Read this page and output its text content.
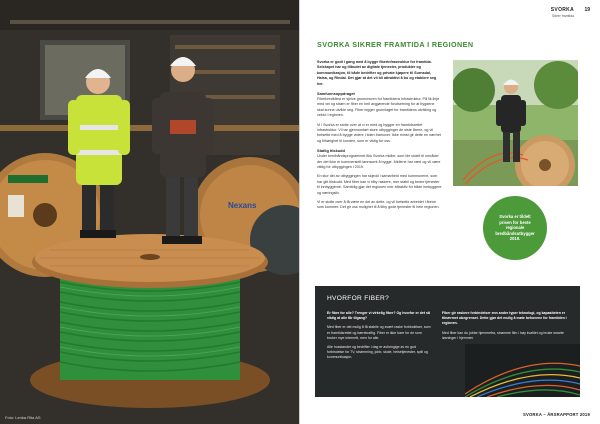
Nexans
Foto: Lenka Rita AS
SVORKA
Sikrer framtida
19
SVORKA SIKRER FRAMTIDA I REGIONEN

Svorka er godt i gang med å bygge fiberinfrastruktur for framtida. Selskapet har og tilbudet av digitale tjenester, produkter og kommunikasjon, til både bedrifter og private kjøpere til Surnadal, Halsa, og Rindal. Det gjør at det vil bli attraktivt å bo og etablere seg her.

Samfunnsoppdraget

Fiberbredbånd er sjelve grunnmuren for framtidens infrastruktur. På lik linje med vei og strøm er fiber en helt avgjørende forutsetning for at bygdene skal kunne utvikle seg. Fiber legger grunnlaget for framtidens utvikling og vekst i regionen.

Vi i Svorka er stolte over at vi er med og bygger en framtidsrettet infrastruktur. Vi har gjennomført store utbygginger de siste årene, og vil fortsette med å bygge videre i tiden framover. Ikke minst gir dette en nærhet og tilhørighet til kunden, som er viktig for oss.

Statlig tilskudd

Under bredbåndsprogrammet fikk Svorka midler, som ble utdelt til områder der det ikke er kommersielt lønnsomt å bygge. Midlene har vært og vil være viktig for utbyggingen i 2019.

En stor del av utbyggingen har skjedd i samarbeid med kommunene, som har gitt tilskudd. Med fiber kan vi tilby raskere, mer stabil og bedre tjenester til innbyggerne. Samtidig gjør det regionen mer attraktiv for både innbyggere og næringsliv.

Vi er stolte over å få være en del av dette, og vil fortsette arbeidet i årene som kommer. Det gir oss mulighet til å tilby gode tjenester til hele regionen.

Svorka er tildelt prisen for beste regionale bredbåndsutbygger 2019.
HVORFOR FIBER?

Er fiber for alle? Trenger vi virkelig fiber? Og hvorfor er det så viktig at alle får tilgang?

Med fiber er det mulig å få stabile og svært raske forbindelser, som er framtidsrettet og bærekraftig. Fiber er ikke bare for de som bruker mye internett, men for alle.

Alle husstander og bedrifter i dag er avhengige av en god forbindelse for TV, strømming, jobb, skole, helsetjenester, spill og kommunikasjon.

Fiber gir raskere forbindelser enn andre typer teknologi, og kapasiteten er tilnærmet ubegrenset. Dette gjør det mulig å møte behovene for framtiden i regionen.

Med fiber kan du jobbe hjemmefra, strømme film i høy kvalitet og bruke smarte løsninger i hjemmet.

SVORKA – ÅRSRAPPORT 2019
